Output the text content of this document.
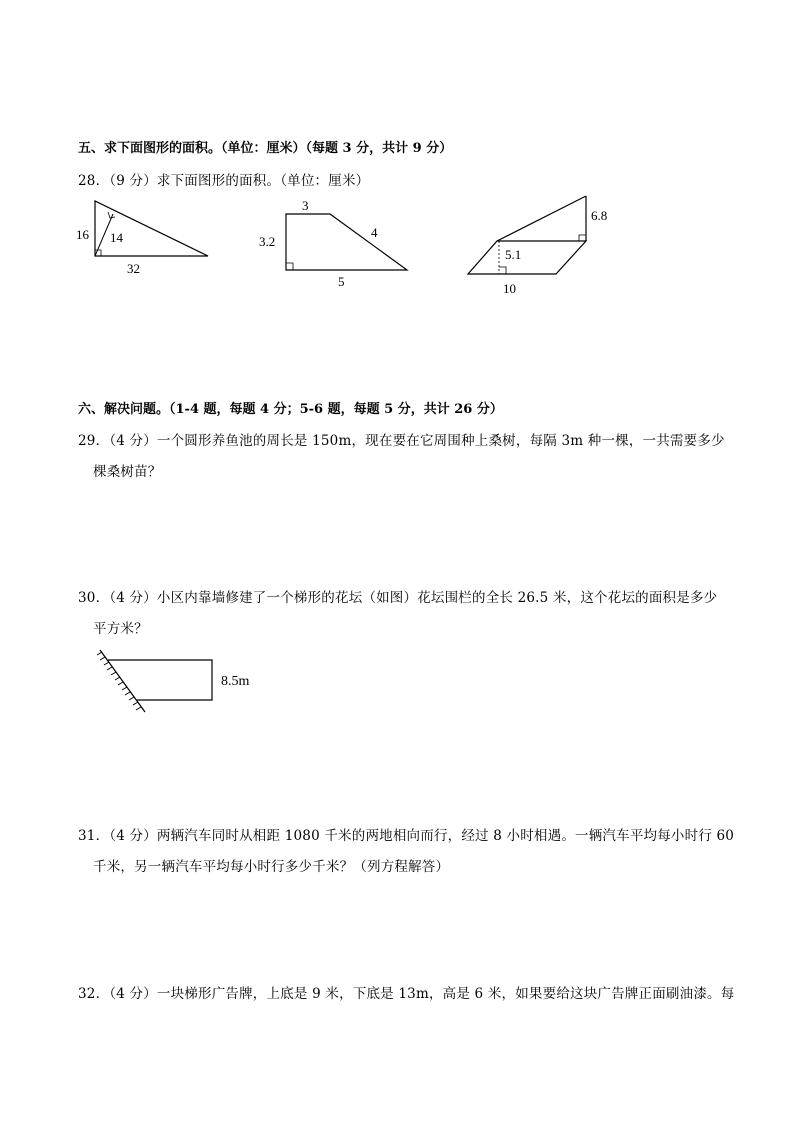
五、求下面图形的面积。（单位：厘米）（每题 3 分，共计 9 分）
28．（9 分）求下面图形的面积。（单位：厘米）
16 14
32
3
3.2
4
5
6.8
5.1
10
六、解决问题。（1-4 题，每题 4 分；5-6 题，每题 5 分，共计 26 分）
29．（4 分）一个圆形养鱼池的周长是 150m，现在要在它周围种上桑树，每隔 3m 种一棵，一共需要多少
棵桑树苗？
30．（4 分）小区内靠墙修建了一个梯形的花坛（如图）花坛围栏的全长 26.5 米，这个花坛的面积是多少
平方米？
8.5m
31．（4 分）两辆汽车同时从相距 1080 千米的两地相向而行，经过 8 小时相遇。一辆汽车平均每小时行 60
千米，另一辆汽车平均每小时行多少千米？（列方程解答）
32．（4 分）一块梯形广告牌，上底是 9 米，下底是 13m，高是 6 米，如果要给这块广告牌正面刷油漆。每
